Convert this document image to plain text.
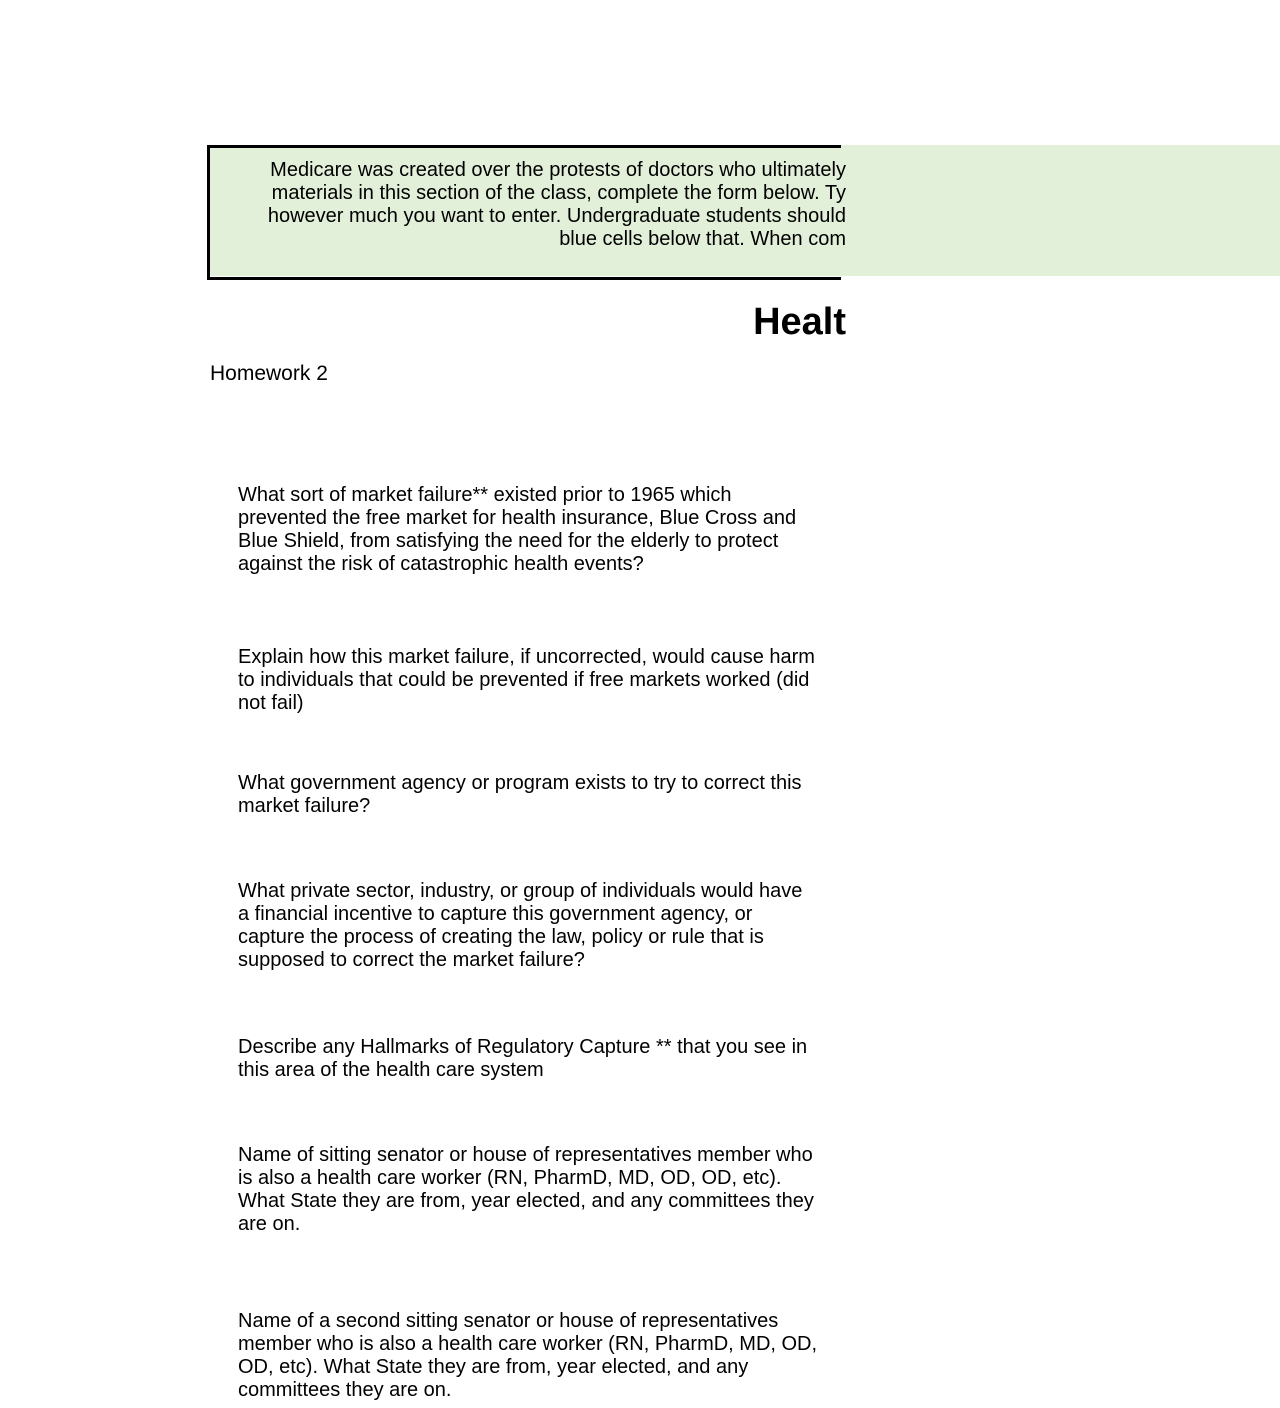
Medicare was created over the protests of doctors who ultimately
materials in this section of the class, complete the form below. Ty
however much you want to enter. Undergraduate students should
blue cells below that. When com
Healt
Homework 2
What sort of market failure** existed prior to 1965 which prevented the free market for health insurance, Blue Cross and Blue Shield, from satisfying the need for the elderly to protect against the risk of catastrophic health events?
Explain how this market failure, if uncorrected, would cause harm to individuals that could be prevented if free markets worked (did not fail)
What government agency or program exists to try to correct this market failure?
What private sector, industry, or group of individuals would have a financial incentive to capture this government agency, or capture the process of creating the law, policy or rule that is supposed to correct the market failure?
Describe any Hallmarks of Regulatory Capture ** that you see in this area of the health care system
Name of sitting senator or house of representatives member who is also a health care worker (RN, PharmD, MD, OD, OD, etc). What State they are from, year elected, and any committees they are on.
Name of a second sitting senator or house of representatives member who is also a health care worker (RN, PharmD, MD, OD, OD, etc). What State they are from, year elected, and any committees they are on.
